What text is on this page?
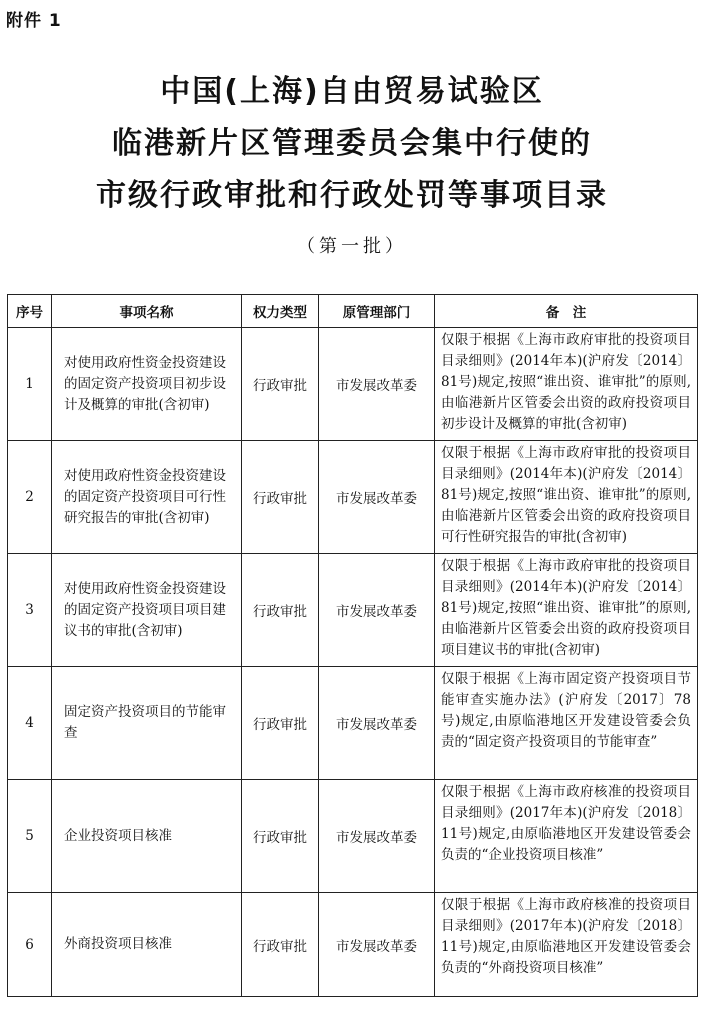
附件 1
中国(上海)自由贸易试验区
临港新片区管理委员会集中行使的
市级行政审批和行政处罚等事项目录
（第一批）
序号	事项名称	权力类型	原管理部门	备　注
1	对使用政府性资金投资建设的固定资产投资项目初步设计及概算的审批(含初审)	行政审批	市发展改革委	仅限于根据《上海市政府审批的投资项目目录细则》(2014年本)(沪府发〔2014〕81号)规定,按照“谁出资、谁审批”的原则,由临港新片区管委会出资的政府投资项目初步设计及概算的审批(含初审)
2	对使用政府性资金投资建设的固定资产投资项目可行性研究报告的审批(含初审)	行政审批	市发展改革委	仅限于根据《上海市政府审批的投资项目目录细则》(2014年本)(沪府发〔2014〕81号)规定,按照“谁出资、谁审批”的原则,由临港新片区管委会出资的政府投资项目可行性研究报告的审批(含初审)
3	对使用政府性资金投资建设的固定资产投资项目项目建议书的审批(含初审)	行政审批	市发展改革委	仅限于根据《上海市政府审批的投资项目目录细则》(2014年本)(沪府发〔2014〕81号)规定,按照“谁出资、谁审批”的原则,由临港新片区管委会出资的政府投资项目项目建议书的审批(含初审)
4	固定资产投资项目的节能审查	行政审批	市发展改革委	仅限于根据《上海市固定资产投资项目节能审查实施办法》(沪府发〔2017〕78号)规定,由原临港地区开发建设管委会负责的“固定资产投资项目的节能审查”
5	企业投资项目核准	行政审批	市发展改革委	仅限于根据《上海市政府核准的投资项目目录细则》(2017年本)(沪府发〔2018〕11号)规定,由原临港地区开发建设管委会负责的“企业投资项目核准”
6	外商投资项目核准	行政审批	市发展改革委	仅限于根据《上海市政府核准的投资项目目录细则》(2017年本)(沪府发〔2018〕11号)规定,由原临港地区开发建设管委会负责的“外商投资项目核准”
